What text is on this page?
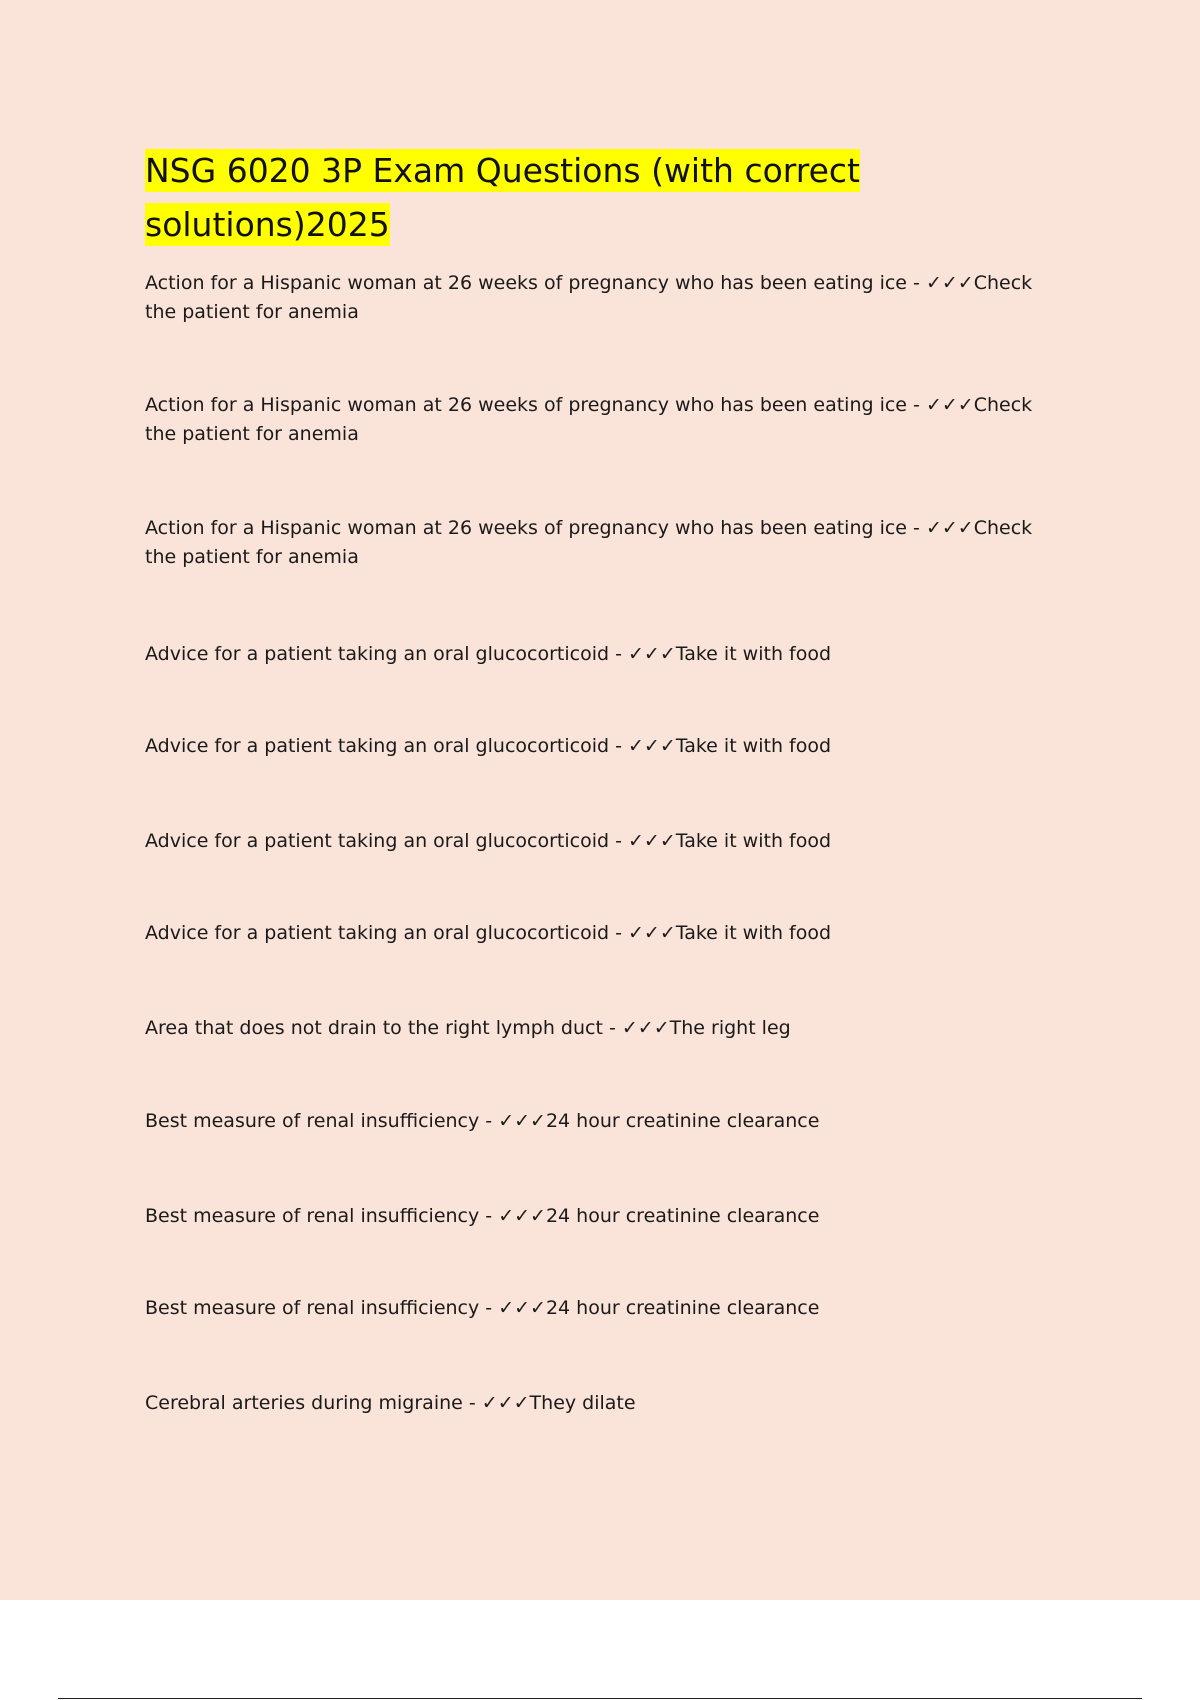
NSG 6020 3P Exam Questions (with correct solutions)2025

Action for a Hispanic woman at 26 weeks of pregnancy who has been eating ice - ✓✓✓Check the patient for anemia

Action for a Hispanic woman at 26 weeks of pregnancy who has been eating ice - ✓✓✓Check the patient for anemia

Action for a Hispanic woman at 26 weeks of pregnancy who has been eating ice - ✓✓✓Check the patient for anemia

Advice for a patient taking an oral glucocorticoid - ✓✓✓Take it with food

Advice for a patient taking an oral glucocorticoid - ✓✓✓Take it with food

Advice for a patient taking an oral glucocorticoid - ✓✓✓Take it with food

Advice for a patient taking an oral glucocorticoid - ✓✓✓Take it with food

Area that does not drain to the right lymph duct - ✓✓✓The right leg

Best measure of renal insufficiency - ✓✓✓24 hour creatinine clearance

Best measure of renal insufficiency - ✓✓✓24 hour creatinine clearance

Best measure of renal insufficiency - ✓✓✓24 hour creatinine clearance

Cerebral arteries during migraine - ✓✓✓They dilate
